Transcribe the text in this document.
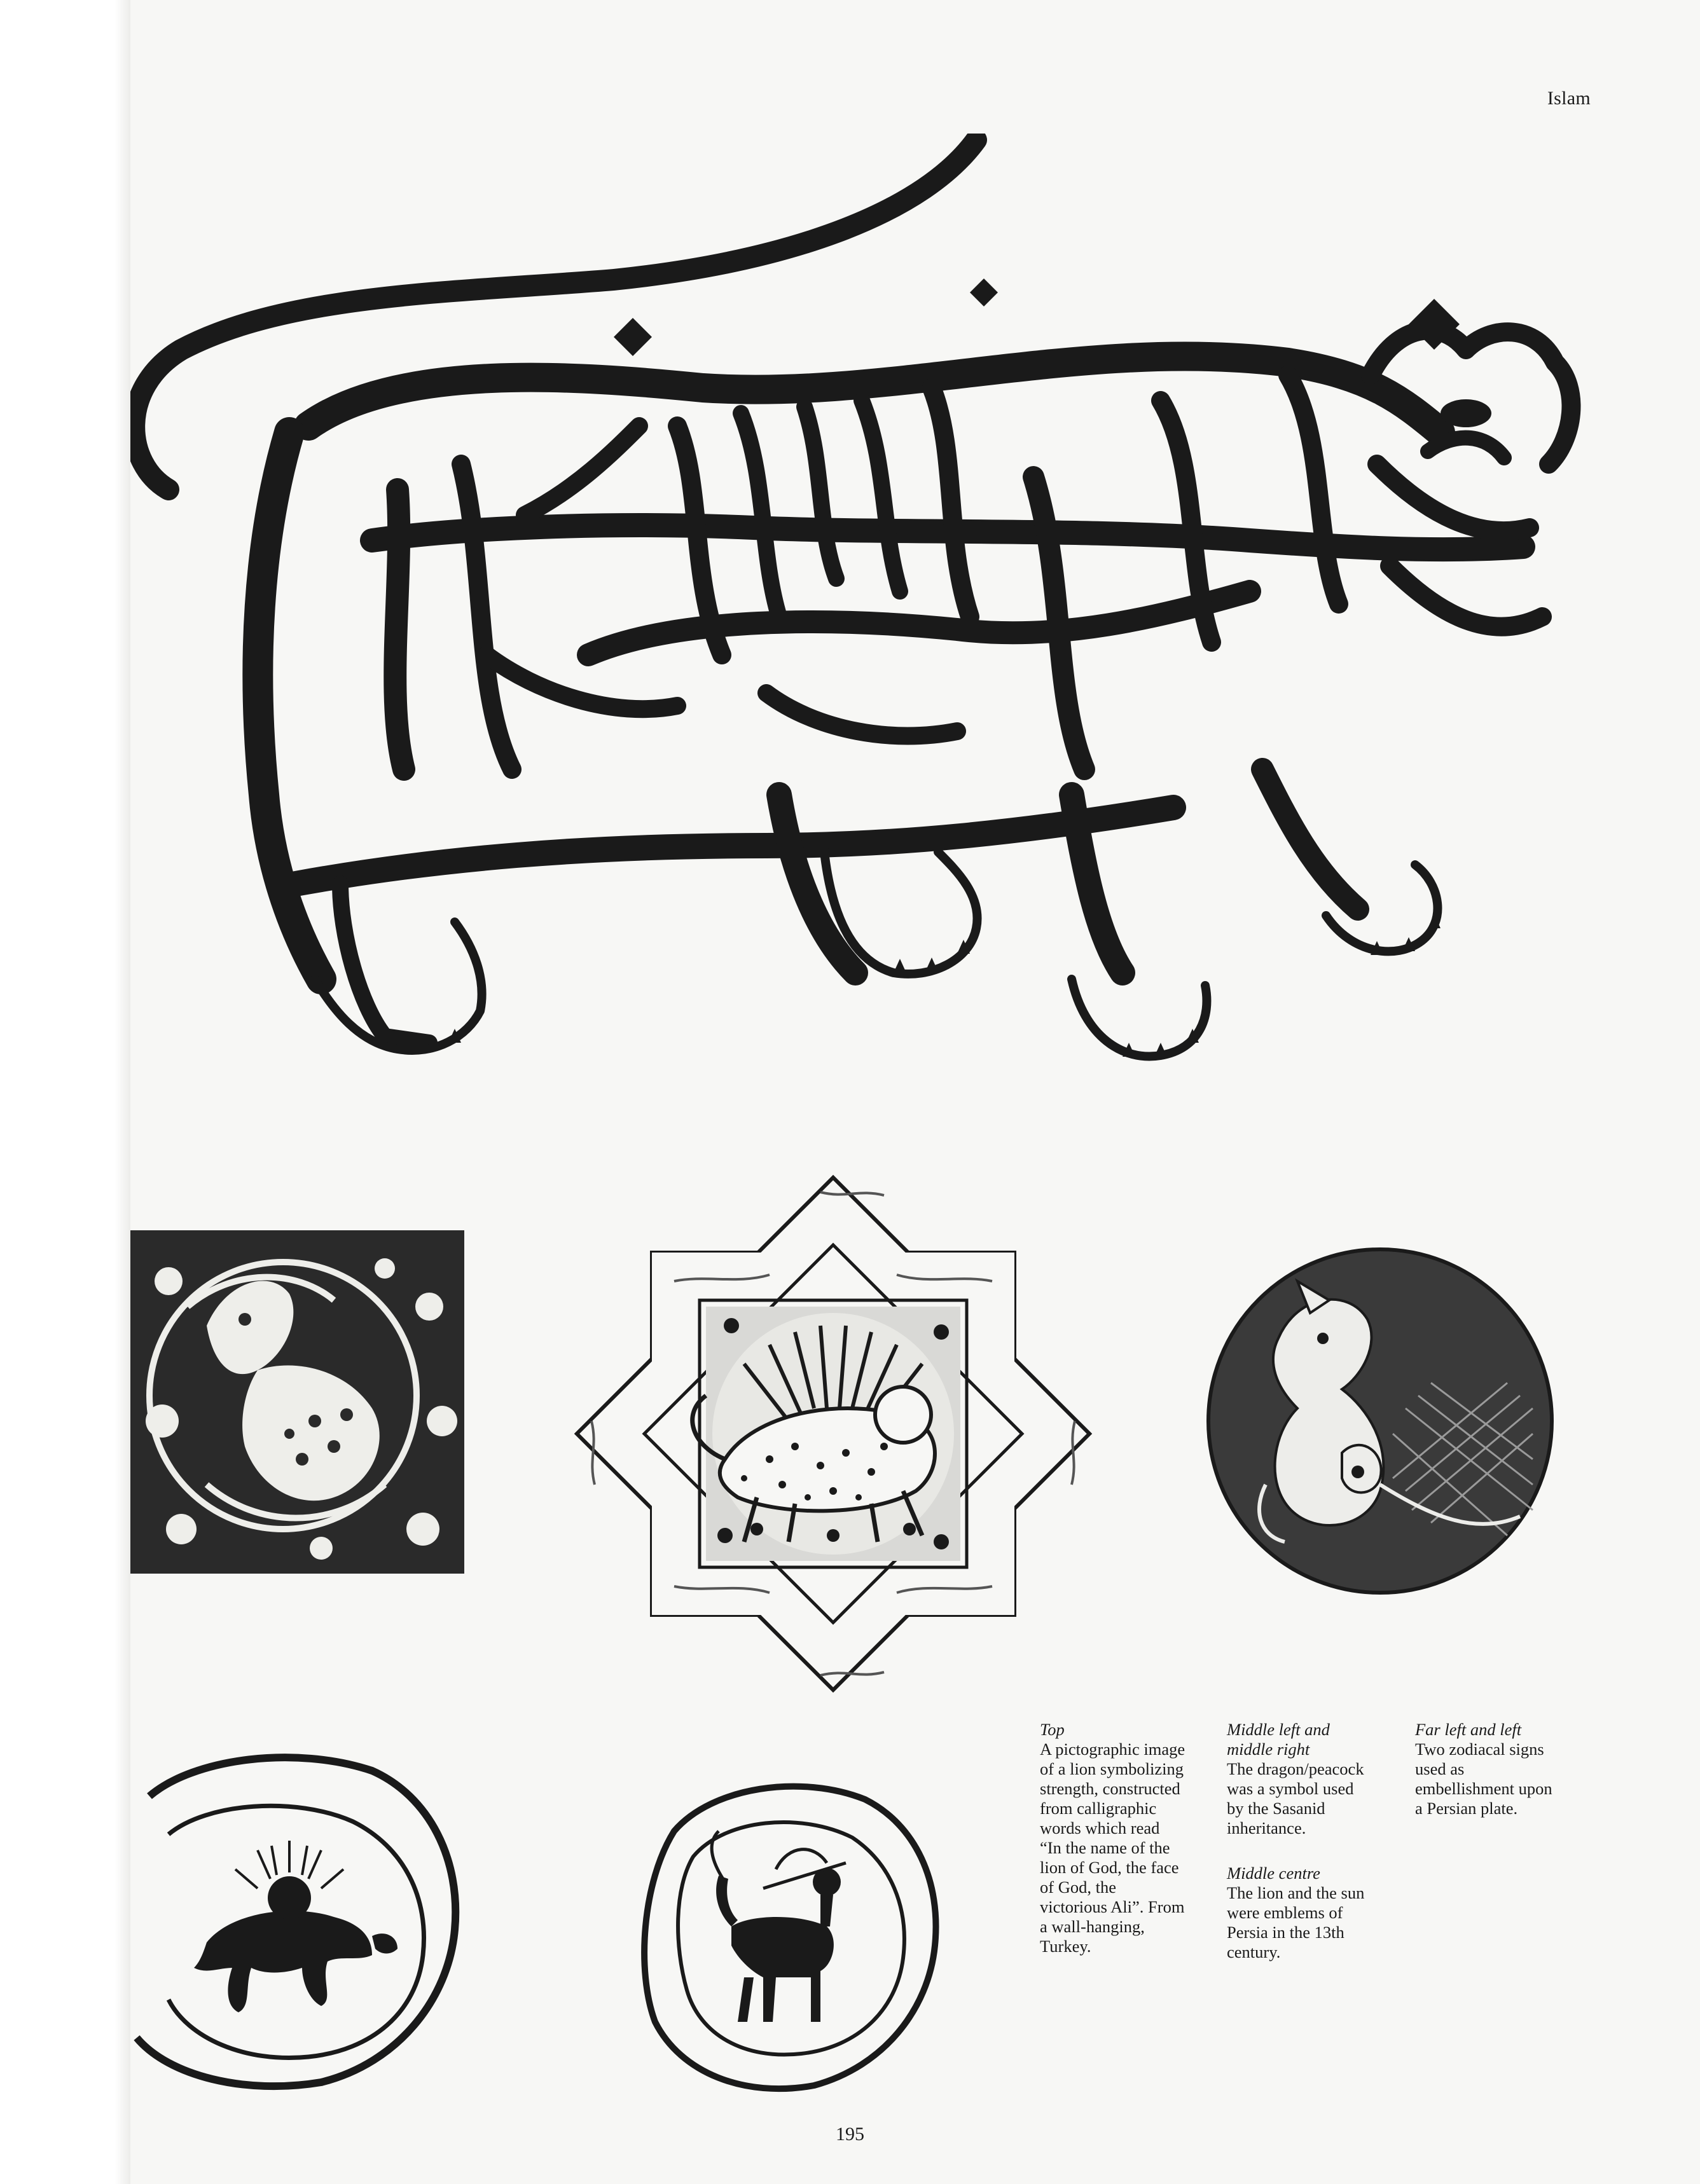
Islam
Top
A pictographic image
of a lion symbolizing
strength, constructed
from calligraphic
words which read
“In the name of the
lion of God, the face
of God, the
victorious Ali”. From
a wall-hanging,
Turkey.
Middle left and
middle right
The dragon/peacock
was a symbol used
by the Sasanid
inheritance.
Middle centre
The lion and the sun
were emblems of
Persia in the 13th
century.
Far left and left
Two zodiacal signs
used as
embellishment upon
a Persian plate.
195
